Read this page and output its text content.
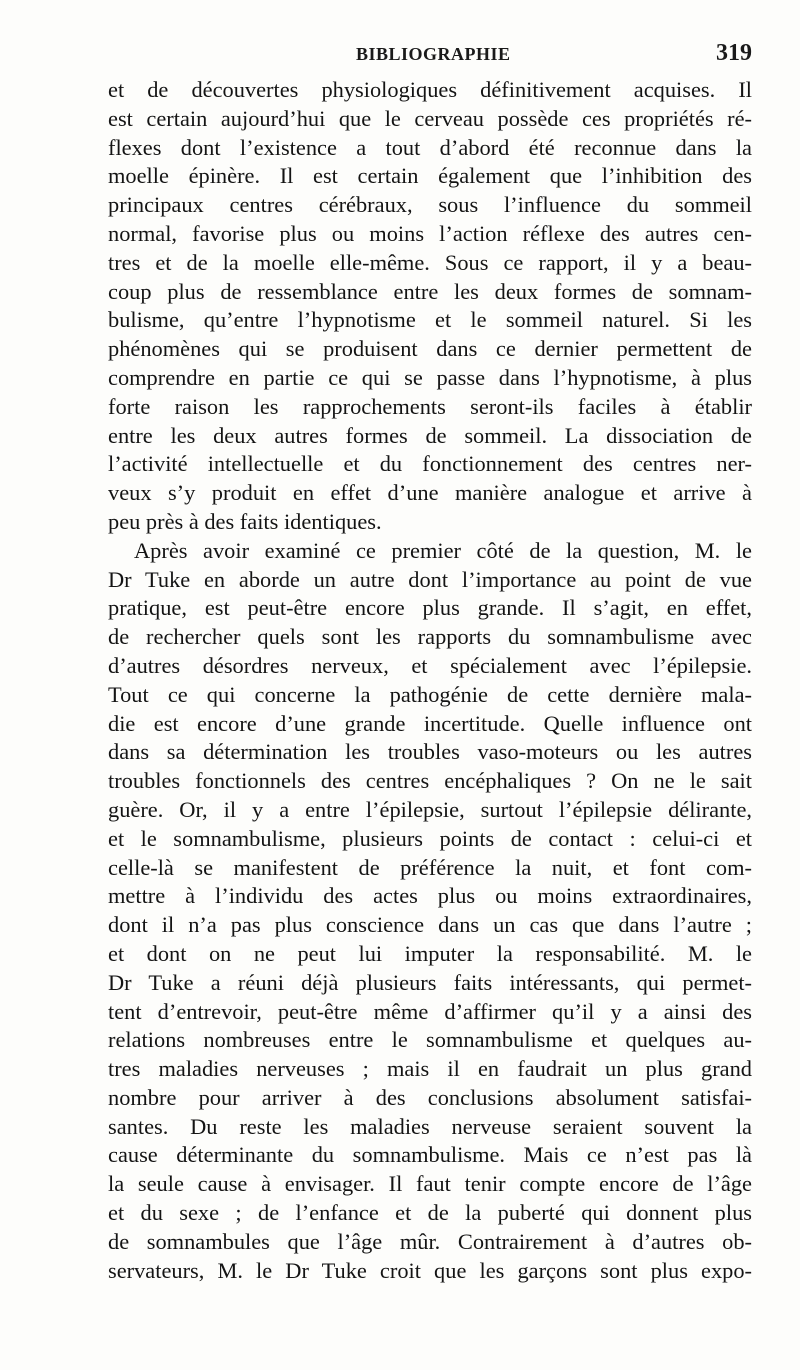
BIBLIOGRAPHIE	319
et de découvertes physiologiques définitivement acquises. Il
est certain aujourd’hui que le cerveau possède ces propriétés ré-
flexes dont l’existence a tout d’abord été reconnue dans la
moelle épinère. Il est certain également que l’inhibition des
principaux centres cérébraux, sous l’influence du sommeil
normal, favorise plus ou moins l’action réflexe des autres cen-
tres et de la moelle elle-même. Sous ce rapport, il y a beau-
coup plus de ressemblance entre les deux formes de somnam-
bulisme, qu’entre l’hypnotisme et le sommeil naturel. Si les
phénomènes qui se produisent dans ce dernier permettent de
comprendre en partie ce qui se passe dans l’hypnotisme, à plus
forte raison les rapprochements seront-ils faciles à établir
entre les deux autres formes de sommeil. La dissociation de
l’activité intellectuelle et du fonctionnement des centres ner-
veux s’y produit en effet d’une manière analogue et arrive à
peu près à des faits identiques.
Après avoir examiné ce premier côté de la question, M. le
Dr Tuke en aborde un autre dont l’importance au point de vue
pratique, est peut-être encore plus grande. Il s’agit, en effet,
de rechercher quels sont les rapports du somnambulisme avec
d’autres désordres nerveux, et spécialement avec l’épilepsie.
Tout ce qui concerne la pathogénie de cette dernière mala-
die est encore d’une grande incertitude. Quelle influence ont
dans sa détermination les troubles vaso-moteurs ou les autres
troubles fonctionnels des centres encéphaliques ? On ne le sait
guère. Or, il y a entre l’épilepsie, surtout l’épilepsie délirante,
et le somnambulisme, plusieurs points de contact : celui-ci et
celle-là se manifestent de préférence la nuit, et font com-
mettre à l’individu des actes plus ou moins extraordinaires,
dont il n’a pas plus conscience dans un cas que dans l’autre ;
et dont on ne peut lui imputer la responsabilité. M. le
Dr Tuke a réuni déjà plusieurs faits intéressants, qui permet-
tent d’entrevoir, peut-être même d’affirmer qu’il y a ainsi des
relations nombreuses entre le somnambulisme et quelques au-
tres maladies nerveuses ; mais il en faudrait un plus grand
nombre pour arriver à des conclusions absolument satisfai-
santes. Du reste les maladies nerveuse seraient souvent la
cause déterminante du somnambulisme. Mais ce n’est pas là
la seule cause à envisager. Il faut tenir compte encore de l’âge
et du sexe ; de l’enfance et de la puberté qui donnent plus
de somnambules que l’âge mûr. Contrairement à d’autres ob-
servateurs, M. le Dr Tuke croit que les garçons sont plus expo-
